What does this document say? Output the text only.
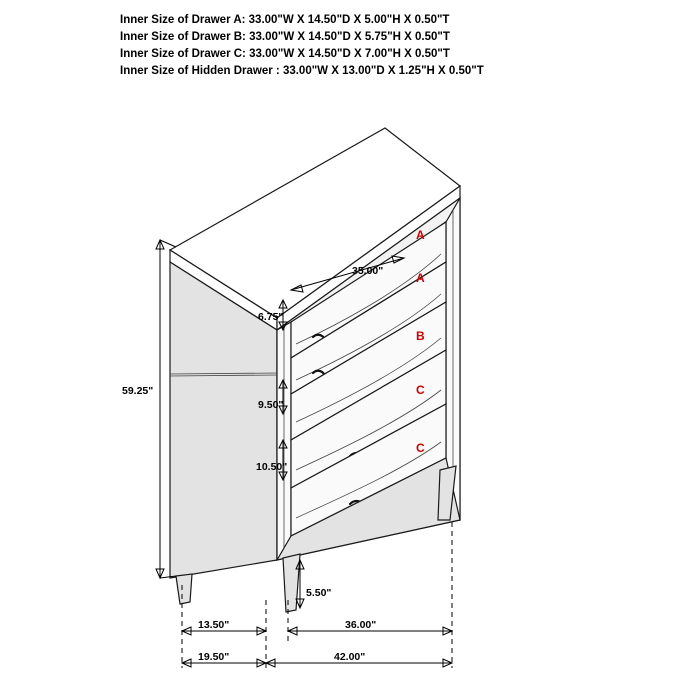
Inner Size of Drawer A: 33.00"W X 14.50"D X 5.00"H X 0.50"T
Inner Size of Drawer B: 33.00"W X 14.50"D X 5.75"H X 0.50"T
Inner Size of Drawer C: 33.00"W X 14.50"D X 7.00"H X 0.50"T
Inner Size of Hidden Drawer : 33.00"W X 13.00"D X 1.25"H X 0.50"T
59.25"
35.00"
6.75"
9.50"
10.50"
5.50"
A
A
B
C
C
13.50"	36.00"
19.50"	42.00"
